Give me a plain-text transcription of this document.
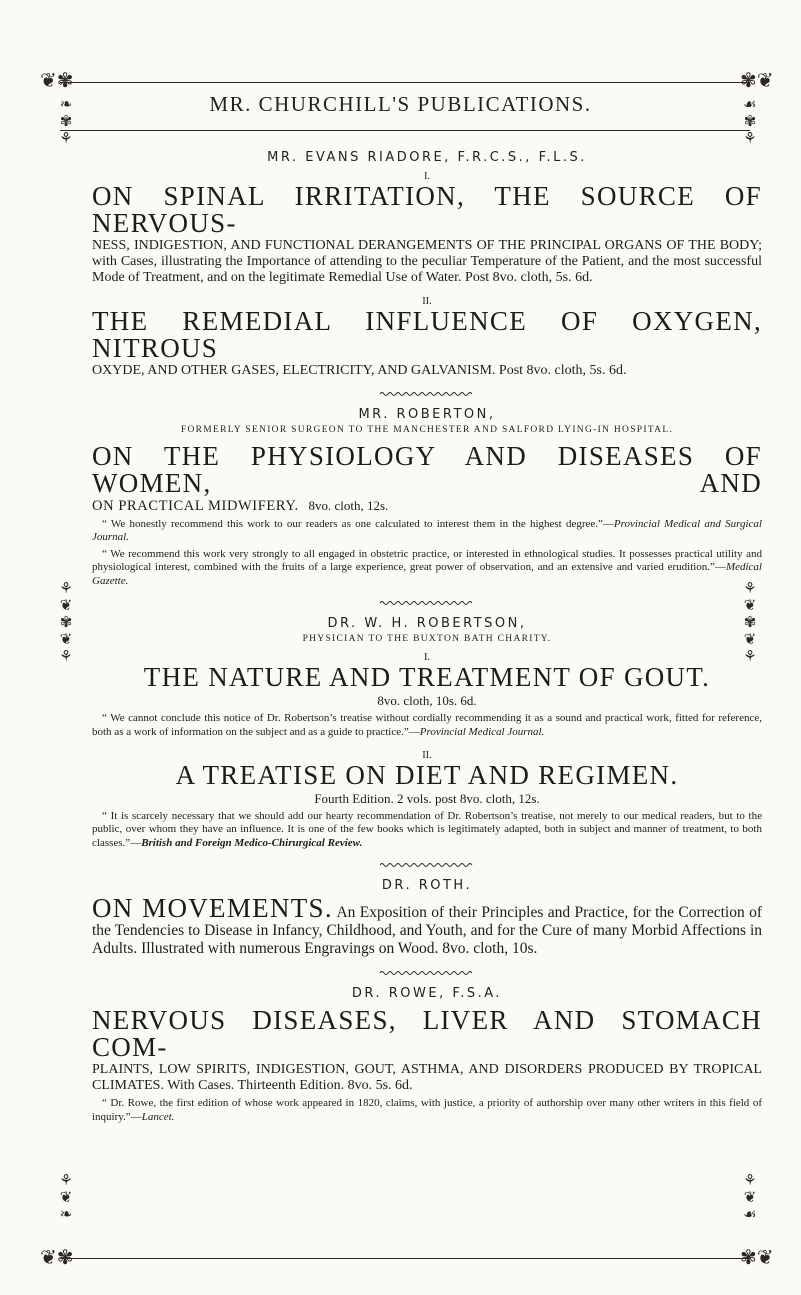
❦✾	✾❦
❦✾	✾❦
❧
✾
⚘
☙
✾
⚘
⚘
❦
✾
❦
⚘
⚘
❦
✾
❦
⚘
⚘
❦
❧
⚘
❦
☙
MR. CHURCHILL'S PUBLICATIONS.

MR. EVANS RIADORE, F.R.C.S., F.L.S.

I.

ON SPINAL IRRITATION, THE SOURCE OF NERVOUS-

NESS, INDIGESTION, AND FUNCTIONAL DERANGEMENTS OF THE PRINCIPAL ORGANS OF THE BODY; with Cases, illustrating the Importance of attending to the peculiar Temperature of the Patient, and the most successful Mode of Treatment, and on the legitimate Remedial Use of Water. Post 8vo. cloth, 5s. 6d.

II.

THE REMEDIAL INFLUENCE OF OXYGEN, NITROUS

OXYDE, AND OTHER GASES, ELECTRICITY, AND GALVANISM. Post 8vo. cloth, 5s. 6d.

MR. ROBERTON,

FORMERLY SENIOR SURGEON TO THE MANCHESTER AND SALFORD LYING-IN HOSPITAL.

ON THE PHYSIOLOGY AND DISEASES OF WOMEN, AND

ON PRACTICAL MIDWIFERY. 8vo. cloth, 12s.

“ We honestly recommend this work to our readers as one calculated to interest them in the highest degree.”—Provincial Medical and Surgical Journal.

“ We recommend this work very strongly to all engaged in obstetric practice, or interested in ethnological studies. It possesses practical utility and physiological interest, combined with the fruits of a large experience, great power of observation, and an extensive and varied erudition.”—Medical Gazette.

DR. W. H. ROBERTSON,

PHYSICIAN TO THE BUXTON BATH CHARITY.

I.

THE NATURE AND TREATMENT OF GOUT.

8vo. cloth, 10s. 6d.

“ We cannot conclude this notice of Dr. Robertson’s treatise without cordially recommending it as a sound and practical work, fitted for reference, both as a work of information on the subject and as a guide to practice.”—Provincial Medical Journal.

II.

A TREATISE ON DIET AND REGIMEN.

Fourth Edition. 2 vols. post 8vo. cloth, 12s.

“ It is scarcely necessary that we should add our hearty recommendation of Dr. Robertson’s treatise, not merely to our medical readers, but to the public, over whom they have an influence. It is one of the few books which is legitimately adapted, both in subject and manner of treatment, to both classes.”—British and Foreign Medico-Chirurgical Review.

DR. ROTH.

ON MOVEMENTS. An Exposition of their Principles and Practice, for the Correction of the Tendencies to Disease in Infancy, Childhood, and Youth, and for the Cure of many Morbid Affections in Adults. Illustrated with numerous Engravings on Wood. 8vo. cloth, 10s.

DR. ROWE, F.S.A.

NERVOUS DISEASES, LIVER AND STOMACH COM-

PLAINTS, LOW SPIRITS, INDIGESTION, GOUT, ASTHMA, AND DISORDERS PRODUCED BY TROPICAL CLIMATES. With Cases. Thirteenth Edition. 8vo. 5s. 6d.

“ Dr. Rowe, the first edition of whose work appeared in 1820, claims, with justice, a priority of authorship over many other writers in this field of inquiry.”—Lancet.
